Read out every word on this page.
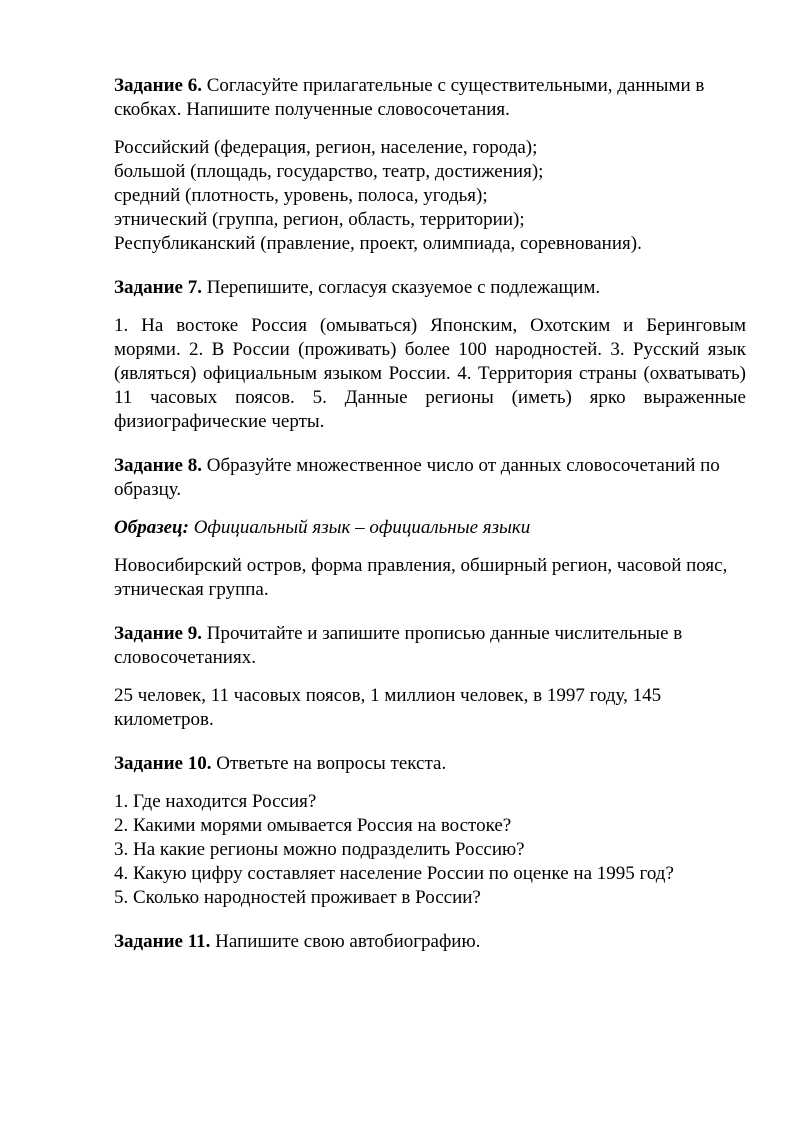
Задание 6. Согласуйте прилагательные с существительными, данными в скобках. Напишите полученные словосочетания.

Российский (федерация, регион, население, города);
большой (площадь, государство, театр, достижения);
средний (плотность, уровень, полоса, угодья);
этнический (группа, регион, область, территории);
Республиканский (правление, проект, олимпиада, соревнования).

Задание 7. Перепишите, согласуя сказуемое с подлежащим.

1. На востоке Россия (омываться) Японским, Охотским и Беринговым морями. 2. В России (проживать) более 100 народностей. 3. Русский язык (являться) официальным языком России. 4. Территория страны (охватывать) 11 часовых поясов. 5. Данные регионы (иметь) ярко выраженные физиографические черты.

Задание 8. Образуйте множественное число от данных словосочетаний по образцу.

Образец: Официальный язык – официальные языки

Новосибирский остров, форма правления, обширный регион, часовой пояс, этническая группа.

Задание 9. Прочитайте и запишите прописью данные числительные в словосочетаниях.

25 человек, 11 часовых поясов, 1 миллион человек, в 1997 году, 145 километров.

Задание 10. Ответьте на вопросы текста.

1. Где находится Россия?
2. Какими морями омывается Россия на востоке?
3. На какие регионы можно подразделить Россию?
4. Какую цифру составляет население России по оценке на 1995 год?
5. Сколько народностей проживает в России?

Задание 11. Напишите свою автобиографию.
